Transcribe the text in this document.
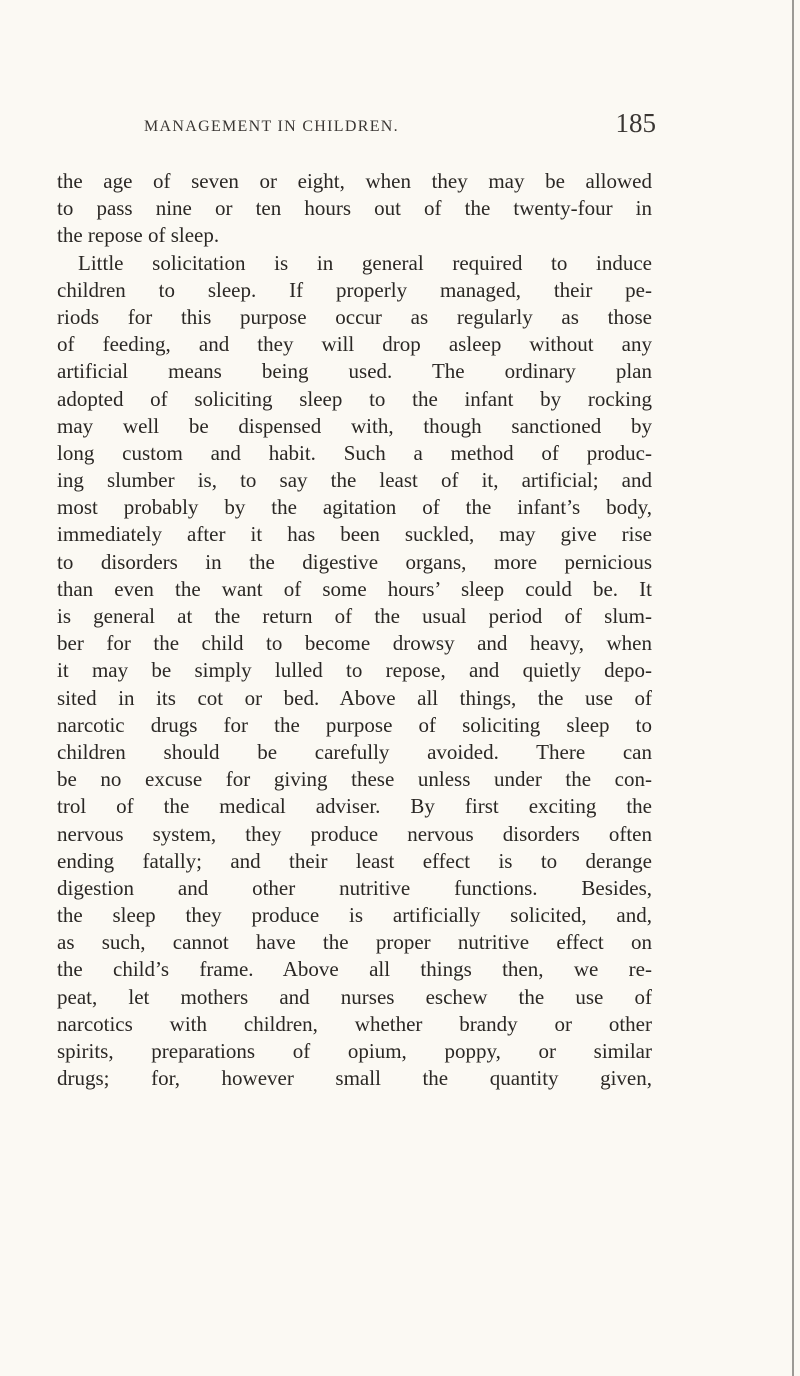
MANAGEMENT IN CHILDREN.	185
the age of seven or eight, when they may be allowed
to pass nine or ten hours out of the twenty-four in
the repose of sleep.
Little solicitation is in general required to induce
children to sleep. If properly managed, their pe-
riods for this purpose occur as regularly as those
of feeding, and they will drop asleep without any
artificial means being used. The ordinary plan
adopted of soliciting sleep to the infant by rocking
may well be dispensed with, though sanctioned by
long custom and habit. Such a method of produc-
ing slumber is, to say the least of it, artificial; and
most probably by the agitation of the infant’s body,
immediately after it has been suckled, may give rise
to disorders in the digestive organs, more pernicious
than even the want of some hours’ sleep could be. It
is general at the return of the usual period of slum-
ber for the child to become drowsy and heavy, when
it may be simply lulled to repose, and quietly depo-
sited in its cot or bed. Above all things, the use of
narcotic drugs for the purpose of soliciting sleep to
children should be carefully avoided. There can
be no excuse for giving these unless under the con-
trol of the medical adviser. By first exciting the
nervous system, they produce nervous disorders often
ending fatally; and their least effect is to derange
digestion and other nutritive functions. Besides,
the sleep they produce is artificially solicited, and,
as such, cannot have the proper nutritive effect on
the child’s frame. Above all things then, we re-
peat, let mothers and nurses eschew the use of
narcotics with children, whether brandy or other
spirits, preparations of opium, poppy, or similar
drugs; for, however small the quantity given,
